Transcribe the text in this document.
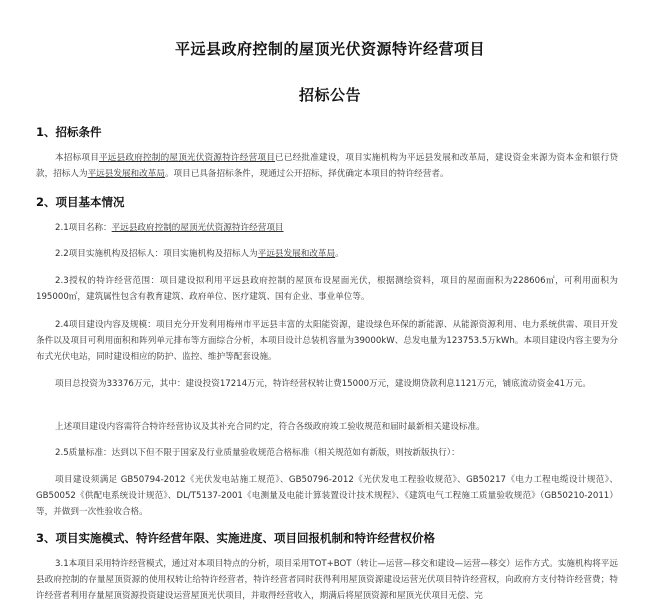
平远县政府控制的屋顶光伏资源特许经营项目
招标公告
1、招标条件
本招标项目平远县政府控制的屋顶光伏资源特许经营项目已已经批准建设，项目实施机构为平远县发展和改革局，建设资金来源为资本金和银行贷款，招标人为平远县发展和改革局。项目已具备招标条件，现通过公开招标，择优确定本项目的特许经营者。
2、项目基本情况
2.1项目名称：平远县政府控制的屋顶光伏资源特许经营项目
2.2项目实施机构及招标人：项目实施机构及招标人为平远县发展和改革局。
2.3授权的特许经营范围：项目建设拟利用平远县政府控制的屋顶布设屋面光伏，根据测绘资料，项目的屋面面积为228606㎡，可利用面积为195000㎡，建筑属性包含有教育建筑、政府单位、医疗建筑、国有企业、事业单位等。
2.4项目建设内容及规模：项目充分开发利用梅州市平远县丰富的太阳能资源，建设绿色环保的新能源、从能源资源利用、电力系统供需、项目开发条件以及项目可利用面积和阵列单元排布等方面综合分析，本项目设计总装机容量为39000kW、总发电量为123753.5万kWh。本项目建设内容主要为分布式光伏电站，同时建设相应的防护、监控、维护等配套设施。
项目总投资为33376万元，其中：建设投资17214万元，特许经营权转让费15000万元，建设期贷款利息1121万元，铺底流动资金41万元。
上述项目建设内容需符合特许经营协议及其补充合同约定，符合各级政府竣工验收规范和届时最新相关建设标准。
2.5质量标准：达到以下但不限于国家及行业质量验收规范合格标准（相关规范如有新版，则按新版执行）：
项目建设须满足 GB50794-2012《光伏发电站施工规范》、GB50796-2012《光伏发电工程验收规范》、GB50217《电力工程电缆设计规范》、GB50052《供配电系统设计规范》、DL/T5137-2001《电测量及电能计算装置设计技术规程》、《建筑电气工程施工质量验收规范》（GB50210-2011）等，并做到一次性验收合格。
3、项目实施模式、特许经营年限、实施进度、项目回报机制和特许经营权价格
3.1本项目采用特许经营模式，通过对本项目特点的分析，项目采用TOT+BOT（转让—运营—移交和建设—运营—移交）运作方式。实施机构将平远县政府控制的存量屋顶资源的使用权转让给特许经营者，特许经营者同时获得利用屋顶资源建设运营光伏项目特许经营权，向政府方支付特许经营费；特许经营者利用存量屋顶资源投资建设运营屋顶光伏项目，并取得经营收入，期满后将屋顶资源和屋顶光伏项目无偿、完
